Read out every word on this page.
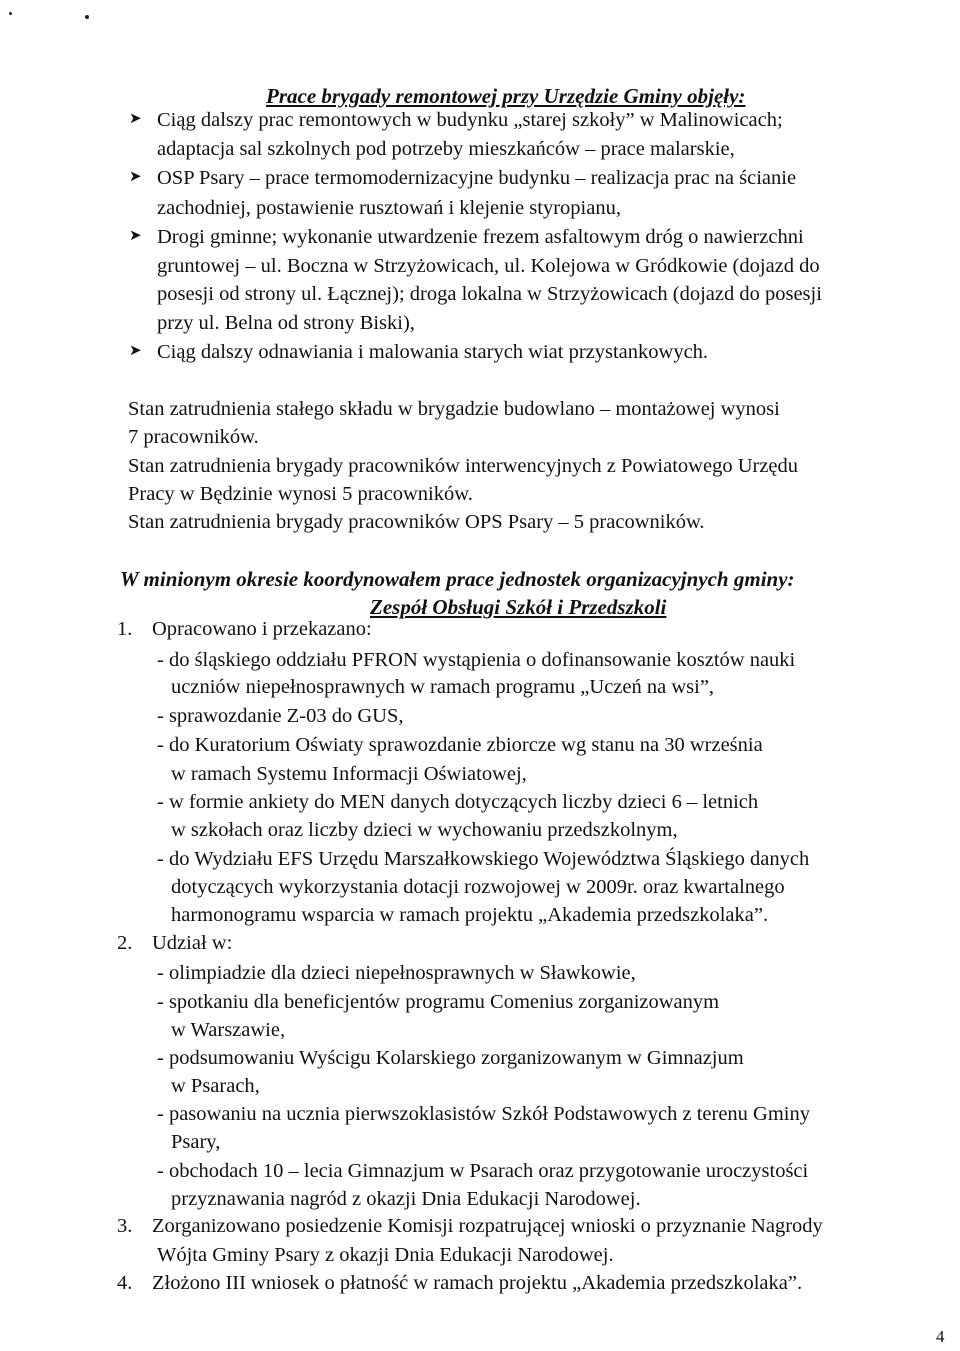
Prace brygady remontowej przy Urzędzie Gminy objęły:
➤
➤
➤
➤
Ciąg dalszy prac remontowych w budynku „starej szkoły” w Malinowicach;
adaptacja sal szkolnych pod potrzeby mieszkańców – prace malarskie,
OSP Psary – prace termomodernizacyjne budynku – realizacja prac na ścianie
zachodniej, postawienie rusztowań i klejenie styropianu,
Drogi gminne; wykonanie utwardzenie frezem asfaltowym dróg o nawierzchni
gruntowej – ul. Boczna w Strzyżowicach, ul. Kolejowa w Gródkowie (dojazd do
posesji od strony ul. Łącznej); droga lokalna w Strzyżowicach (dojazd do posesji
przy ul. Belna od strony Biski),
Ciąg dalszy odnawiania i malowania starych wiat przystankowych.
Stan zatrudnienia stałego składu w brygadzie budowlano – montażowej wynosi
7 pracowników.
Stan zatrudnienia brygady pracowników interwencyjnych z Powiatowego Urzędu
Pracy w Będzinie wynosi 5 pracowników.
Stan zatrudnienia brygady pracowników OPS Psary – 5 pracowników.
W minionym okresie koordynowałem prace jednostek organizacyjnych gminy:
Zespół Obsługi Szkół i Przedszkoli
1. Opracowano i przekazano:
- do śląskiego oddziału PFRON wystąpienia o dofinansowanie kosztów nauki
uczniów niepełnosprawnych w ramach programu „Uczeń na wsi”,
- sprawozdanie Z-03 do GUS,
- do Kuratorium Oświaty sprawozdanie zbiorcze wg stanu na 30 września
w ramach Systemu Informacji Oświatowej,
- w formie ankiety do MEN danych dotyczących liczby dzieci 6 – letnich
w szkołach oraz liczby dzieci w wychowaniu przedszkolnym,
- do Wydziału EFS Urzędu Marszałkowskiego Województwa Śląskiego danych
dotyczących wykorzystania dotacji rozwojowej w 2009r. oraz kwartalnego
harmonogramu wsparcia w ramach projektu „Akademia przedszkolaka”.
2. Udział w:
- olimpiadzie dla dzieci niepełnosprawnych w Sławkowie,
- spotkaniu dla beneficjentów programu Comenius zorganizowanym
w Warszawie,
- podsumowaniu Wyścigu Kolarskiego zorganizowanym w Gimnazjum
w Psarach,
- pasowaniu na ucznia pierwszoklasistów Szkół Podstawowych z terenu Gminy
Psary,
- obchodach 10 – lecia Gimnazjum w Psarach oraz przygotowanie uroczystości
przyznawania nagród z okazji Dnia Edukacji Narodowej.
3. Zorganizowano posiedzenie Komisji rozpatrującej wnioski o przyznanie Nagrody
Wójta Gminy Psary z okazji Dnia Edukacji Narodowej.
4. Złożono III wniosek o płatność w ramach projektu „Akademia przedszkolaka”.
4
